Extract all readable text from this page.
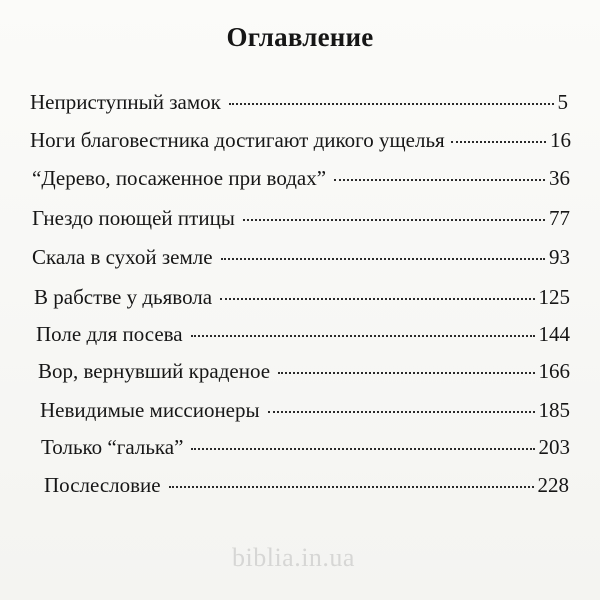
Оглавление
Неприступный замок	5
Ноги благовестника достигают дикого ущелья	16
“Дерево, посаженное при водах”	36
Гнездо поющей птицы	77
Скала в сухой земле	93
В рабстве у дьявола	125
Поле для посева	144
Вор, вернувший краденое	166
Невидимые миссионеры	185
Только “галька”	203
Послесловие	228
biblia.in.ua
